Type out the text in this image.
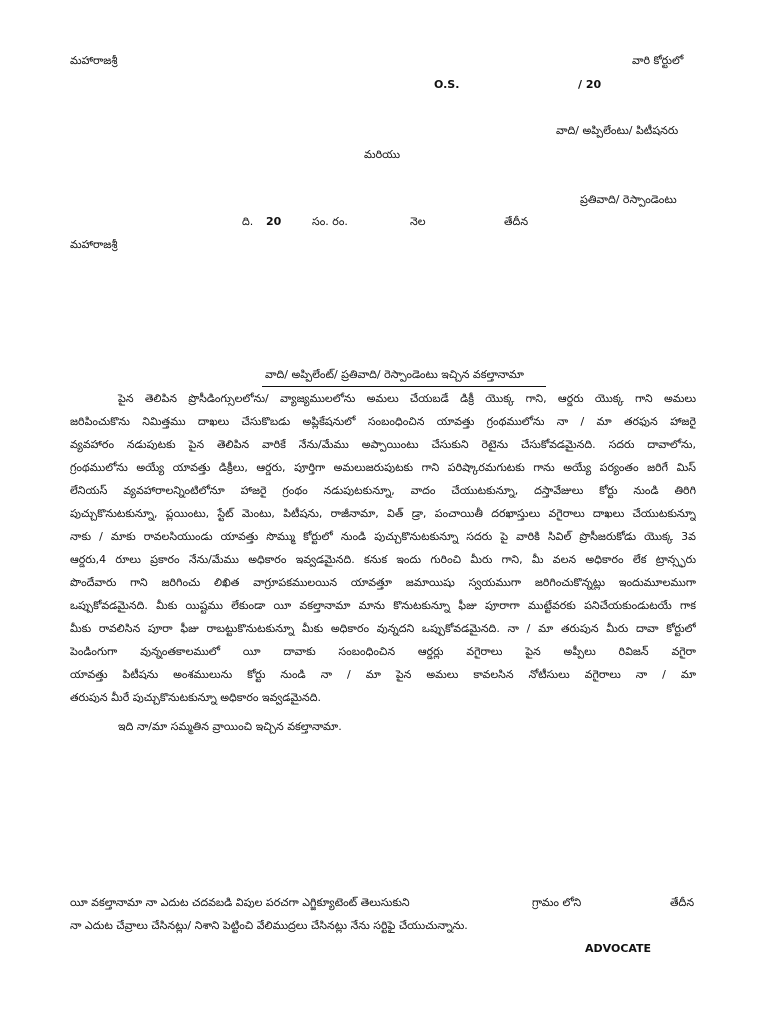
మహారాజశ్రీ	వారి కోర్టులో
O.S.	/ 20
వాది/ అప్పిలేంటు/ పిటీషనరు
మరియు
ప్రతివాది/ రెస్పాండెంటు
ది. 20	సం. రం.	నెల	తేదీన
మహారాజశ్రీ
వాది/ అప్పిలేంట్/ ప్రతివాది/ రెస్పాండెంటు ఇచ్చిన వకల్తానామా
పైన తెలిపిన ప్రొసీడింగ్సులలోను/ వ్యాజ్యములలోను అమలు చేయబడే డిక్రీ యొక్క గాని, ఆర్డరు యొక్క గాని అమలు
జరిపించుకొను నిమిత్తము దాఖలు చేసుకొబడు అప్లికేషనులో సంబంధించిన యావత్తు గ్రంథములోను నా / మా తరఫున హాజరై
వ్యవహారం నడుపుటకు పైన తెలిపిన వారికే నేను/మేము అప్పాయింటు చేసుకుని రెటైను చేసుకోవడమైనది. సదరు దావాలోను,
గ్రంథములోను అయ్యే యావత్తు డిక్రీలు, ఆర్డరు, పూర్తిగా అమలుజరుపుటకు గాని పరిష్కారమగుటకు గాను అయ్యే పర్యంతం జరిగే మిస్
లేనియస్ వ్యవహారాలన్నింటిలోనూ హాజరై గ్రంథం నడుపుటకున్నూ, వాదం చేయుటకున్నూ, దస్తావేజులు కోర్టు నుండి తిరిగి
పుచ్చుకొనుటకున్నూ, ప్లయింటు, స్టేట్ మెంటు, పిటీషను, రాజీనామా, విత్ డ్రా, పంచాయితీ దరఖాస్తులు వగైరాలు దాఖలు చేయుటకున్నూ
నాకు / మాకు రావలసియుండు యావత్తు సొమ్ము కోర్టులో నుండి పుచ్చుకొనుటకున్నూ సదరు పై వారికి సివిల్ ప్రొసీజరుకోడు యొక్క 3వ
ఆర్డరు,4 రూలు ప్రకారం నేను/మేము అధికారం ఇవ్వడమైనది. కనుక ఇందు గురించి మీరు గాని, మీ వలన అధికారం లేక ట్రాన్స్ఫరు
పొందేవారు గాని జరిగించు లిఖిత వాగ్రూపకములయిన యావత్తూ జమాయిషు స్వయముగా జరిగించుకొన్నట్లు ఇందుమూలముగా
ఒప్పుకోవడమైనది. మీకు యిష్టము లేకుండా యీ వకల్తానామా మాను కొనుటకున్నూ ఫీజు పూరాగా ముట్టేవరకు పనిచేయకుండుటయే గాక
మీకు రావలిసిన పూరా ఫీజు రాబట్టుకొనుటకున్నూ మీకు అధికారం వున్నదని ఒప్పుకోవడమైనది. నా / మా తరుపున మీరు దావా కోర్టులో
పెండింగుగా వున్నంతకాలములో యీ దావాకు సంబంధించిన ఆర్డర్లు వగైరాలు పైన అప్పీలు రివిజన్ వగైరా
యావత్తు పిటీషను అంశములును కోర్టు నుండి నా / మా పైన అమలు కావలసిన నోటీసులు వగైరాలు నా / మా
తరుపున మీరే పుచ్చుకొనుటకున్నూ అధికారం ఇవ్వడమైనది.
ఇది నా/మా సమ్మతిన వ్రాయించి ఇచ్చిన వకల్తానామా.
యీ వకల్తానామా నా ఎదుట చదవబడి విపుల పరచగా ఎగ్జిక్యూటెంట్ తెలుసుకుని	గ్రామం లోని	తేదీన
నా ఎదుట చేవ్రాలు చేసినట్లు/ నిశాని పెట్టించి వేలిముద్రలు చేసినట్లు నేను సర్టిఫై చేయుచున్నాను.
ADVOCATE
